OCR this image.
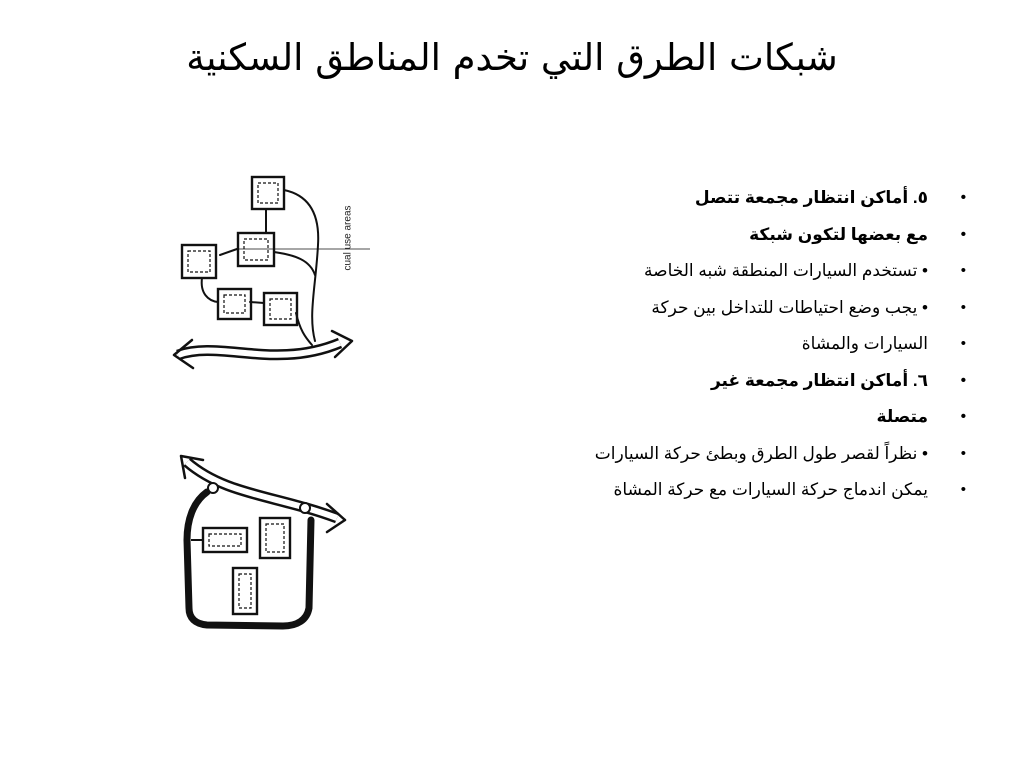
شبكات الطرق التي تخدم المناطق السكنية
• ٥. أماكن انتظار مجمعة تتصل
• مع بعضها لتكون شبكة
• • تستخدم السيارات المنطقة شبه الخاصة
• • يجب وضع احتياطات للتداخل بين حركة
• السيارات والمشاة
• ٦. أماكن انتظار مجمعة غير
• متصلة
• • نظراً لقصر طول الطرق وبطئ حركة السيارات
• يمكن اندماج حركة السيارات مع حركة المشاة
cual use areas
